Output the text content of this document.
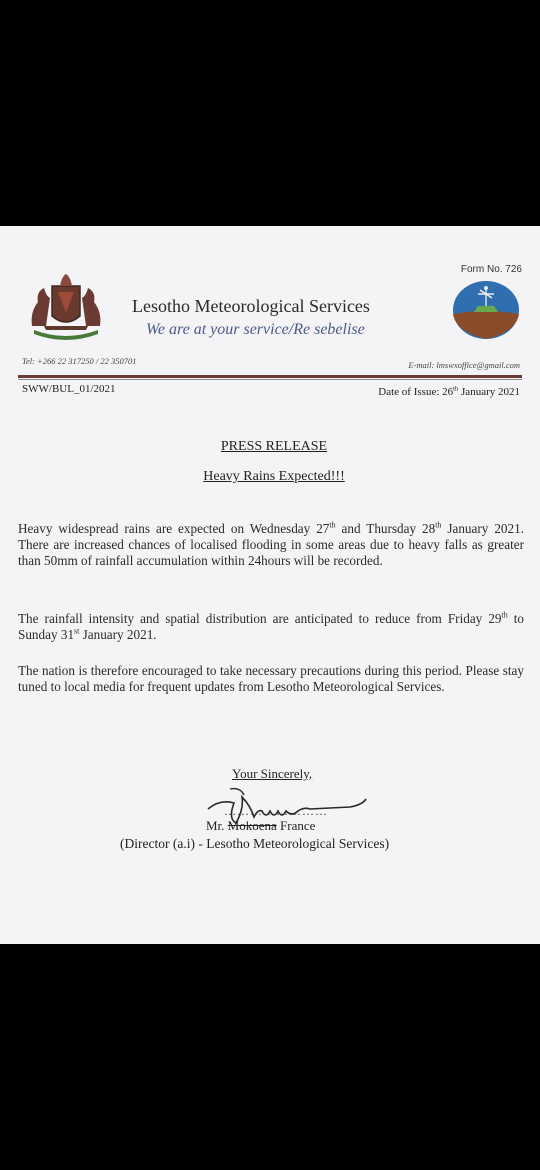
Form No. 726
Lesotho Meteorological Services
We are at your service/Re sebelise
Tel: +266 22 317250 / 22 350701	E-mail: lmswxoffice@gmail.com
SWW/BUL_01/2021	Date of Issue: 26th January 2021
PRESS RELEASE
Heavy Rains Expected!!!
Heavy widespread rains are expected on Wednesday 27th and Thursday 28th January 2021. There are increased chances of localised flooding in some areas due to heavy falls as greater than 50mm of rainfall accumulation within 24hours will be recorded.
The rainfall intensity and spatial distribution are anticipated to reduce from Friday 29th to Sunday 31st January 2021.
The nation is therefore encouraged to take necessary precautions during this period. Please stay tuned to local media for frequent updates from Lesotho Meteorological Services.
Your Sincerely,
……………………
Mr. Mokoena France
(Director (a.i) - Lesotho Meteorological Services)
